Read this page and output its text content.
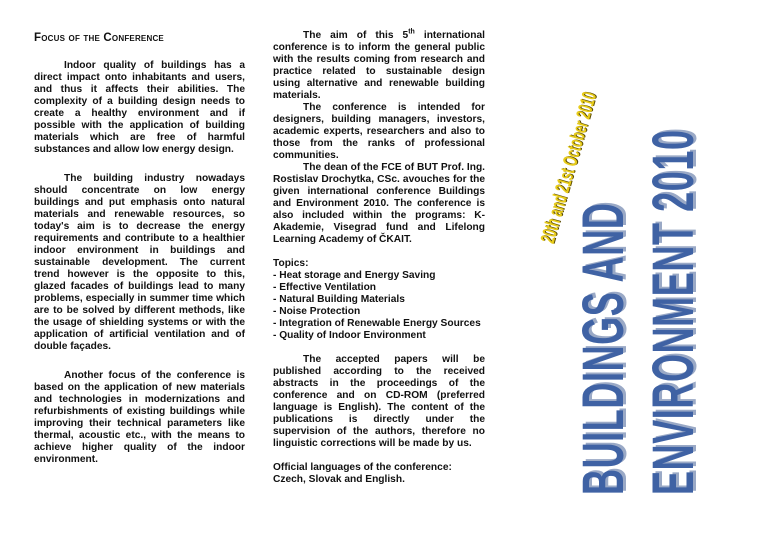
Focus of the Conference

Indoor quality of buildings has a direct impact onto inhabitants and users, and thus it affects their abilities. The complexity of a building design needs to create a healthy environment and if possible with the application of building materials which are free of harmful substances and allow low energy design.

The building industry nowadays should concentrate on low energy buildings and put emphasis onto natural materials and renewable resources, so today's aim is to decrease the energy requirements and contribute to a healthier indoor environment in buildings and sustainable development. The current trend however is the opposite to this, glazed facades of buildings lead to many problems, especially in summer time which are to be solved by different methods, like the usage of shielding systems or with the application of artificial ventilation and of double façades.

Another focus of the conference is based on the application of new materials and technologies in modernizations and refurbishments of existing buildings while improving their technical parameters like thermal, acoustic etc., with the means to achieve higher quality of the indoor environment.

The aim of this 5th international conference is to inform the general public with the results coming from research and practice related to sustainable design using alternative and renewable building materials.

The conference is intended for designers, building managers, investors, academic experts, researchers and also to those from the ranks of professional communities.

The dean of the FCE of BUT Prof. Ing. Rostislav Drochytka, CSc. avouches for the given international conference Buildings and Environment 2010. The conference is also included within the programs: K-Akademie, Visegrad fund and Lifelong Learning Academy of ČKAIT.

Topics:

- Heat storage and Energy Saving
- Effective Ventilation
- Natural Building Materials
- Noise Protection
- Integration of Renewable Energy Sources
- Quality of Indoor Environment

The accepted papers will be published according to the received abstracts in the proceedings of the conference and on CD-ROM (preferred language is English). The content of the publications is directly under the supervision of the authors, therefore no linguistic corrections will be made by us.

Official languages of the conference: Czech, Slovak and English.

20th and 21st October 2010
BUILDINGS AND ENVIRONMENT 2010
